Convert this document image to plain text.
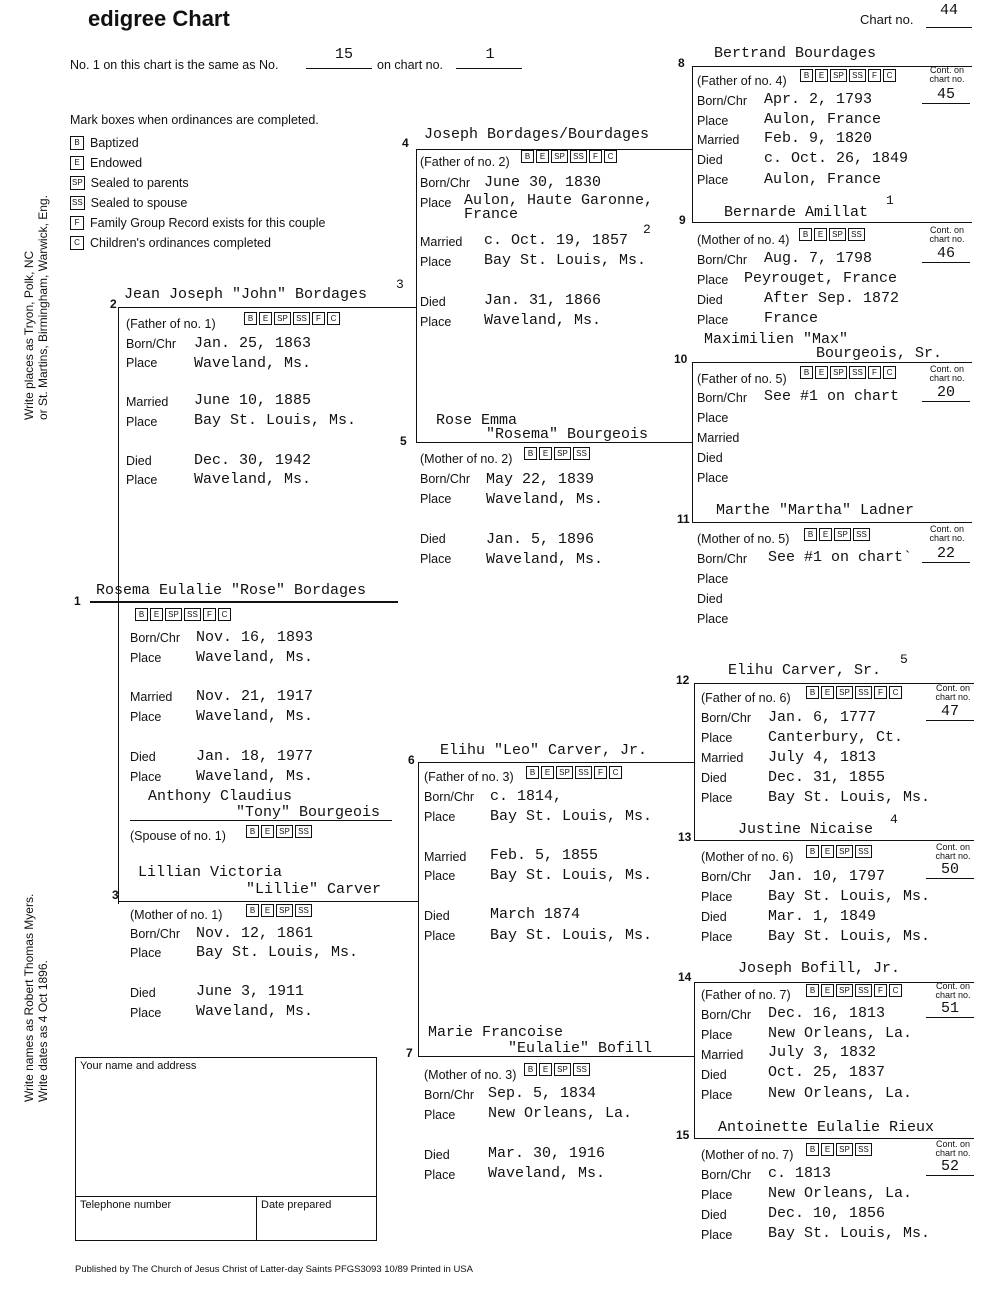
edigree Chart	Chart no.
44
No. 1 on this chart is the same as No.
15
on chart no.
1
Mark boxes when ordinances are completed.
B Baptized
E Endowed
SP Sealed to parents
SS Sealed to spouse
F Family Group Record exists for this couple
C Children's ordinances completed
Write places as Tryon, Polk, NC or St. Martins, Birmingham, Warwick, Eng.
Write names as Robert Thomas Myers. Write dates as 4 Oct 1896.
1
Rosema Eulalie "Rose" Bordages
B	E	SP	SS	F	C
Born/Chr Nov. 16, 1893
Place Waveland, Ms.
Married Nov. 21, 1917
Place Waveland, Ms.
Died	Jan. 18, 1977
Place Waveland, Ms.
Anthony Claudius
"Tony" Bourgeois
(Spouse of no. 1)	B	E	SP	SS
2
Jean Joseph "John" Bordages
3
(Father of no. 1)	B	E	SP	SS	F	C
Born/Chr Jan. 25, 1863
Place Waveland, Ms.
Married June 10, 1885
Place Bay St. Louis, Ms.
Died	Dec. 30, 1942
Place Waveland, Ms.
3
Lillian Victoria
"Lillie" Carver
(Mother of no. 1)	B	E	SP	SS
Born/Chr Nov. 12, 1861
Place Bay St. Louis, Ms.
Died	June 3, 1911
Place Waveland, Ms.
4 Joseph Bordages/Bourdages
(Father of no. 2)	B	E	SP	SS	F	C
Born/Chr June 30, 1830
Place Aulon, Haute Garonne,
France
Married c. Oct. 19, 1857
2
Place Bay St. Louis, Ms.
Died	Jan. 31, 1866
Place Waveland, Ms.
5
Rose Emma
"Rosema" Bourgeois
(Mother of no. 2)	B	E	SP	SS
Born/Chr May 22, 1839
Place Waveland, Ms.
Died	Jan. 5, 1896
Place Waveland, Ms.
6
Elihu "Leo" Carver, Jr.
(Father of no. 3)	B	E	SP	SS	F	C
Born/Chr c. 1814,
Place Bay St. Louis, Ms.
Married Feb. 5, 1855
Place Bay St. Louis, Ms.
Died	March 1874
Place Bay St. Louis, Ms.
7
Marie Francoise
"Eulalie" Bofill
(Mother of no. 3)	B	E	SP	SS
Born/Chr Sep. 5, 1834
Place New Orleans, La.
Died	Mar. 30, 1916
Place Waveland, Ms.
8
Bertrand Bourdages
(Father of no. 4)	B	E	SP	SS	F	C	Cont. on chart no.
45
Born/Chr Apr. 2, 1793
Place Aulon, France
Married Feb. 9, 1820
Died	c. Oct. 26, 1849
Place Aulon, France
9	Bernarde Amillat
1
(Mother of no. 4)	B	E	SP	SS	Cont. on chart no.
46
Born/Chr Aug. 7, 1798
Place Peyrouget, France
Died	After Sep. 1872
Place France
10
Maximilien "Max"
Bourgeois, Sr.
(Father of no. 5)	B	E	SP	SS	F	C	Cont. on chart no.
Born/Chr See #1 on chart	20
Place
Married
Died
Place
11 Marthe "Martha" Ladner
(Mother of no. 5)	B	E	SP	SS	Cont. on chart no.
Born/Chr See #1 on chart`	22
Place
Died
Place
12
Elihu Carver, Sr.
5
(Father of no. 6)	B	E	SP	SS	F	C	Cont. on chart no.
47
Born/Chr Jan. 6, 1777
Place Canterbury, Ct.
Married July 4, 1813
Died	Dec. 31, 1855
Place Bay St. Louis, Ms.
13	Justine Nicaise
4
(Mother of no. 6)	B	E	SP	SS	Cont. on chart no.
50
Born/Chr Jan. 10, 1797
Place Bay St. Louis, Ms.
Died	Mar. 1, 1849
Place Bay St. Louis, Ms.
14	Joseph Bofill, Jr.
(Father of no. 7)	B	E	SP	SS	F	C	Cont. on chart no.
51
Born/Chr Dec. 16, 1813
Place New Orleans, La.
Married July 3, 1832
Died	Oct. 25, 1837
Place New Orleans, La.
15 Antoinette Eulalie Rieux
(Mother of no. 7)	B	E	SP	SS	Cont. on chart no.
52
Born/Chr c. 1813
Place New Orleans, La.
Died	Dec. 10, 1856
Place Bay St. Louis, Ms.
Your name and address
Telephone number	Date prepared
Published by The Church of Jesus Christ of Latter-day Saints PFGS3093 10/89 Printed in USA
